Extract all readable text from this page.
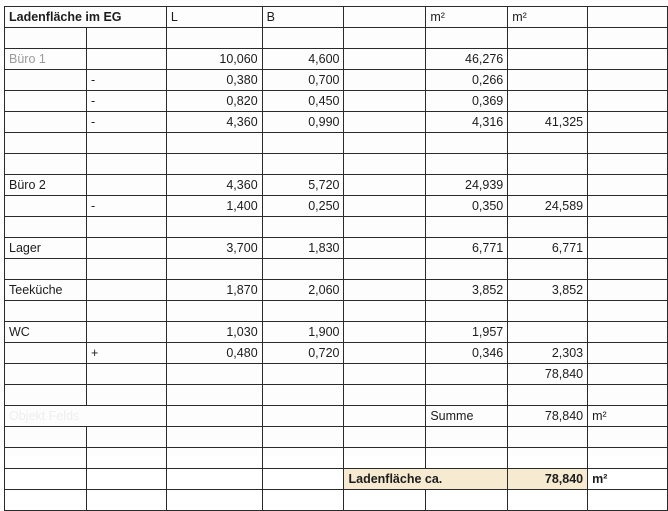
Ladenfläche im EG		L	B		m²	m²	

Büro 1		10,060	4,600		46,276		
	-	0,380	0,700		0,266		
	-	0,820	0,450		0,369		
	-	4,360	0,990		4,316	41,325	

Büro 2		4,360	5,720		24,939		
	-	1,400	0,250		0,350	24,589	

Lager		3,700	1,830		6,771	6,771	

Teeküche		1,870	2,060		3,852	3,852	

WC		1,030	1,900		1,957		
	+	0,480	0,720		0,346	2,303	
						78,840	

Objekt Felds					Summe	78,840	m²

				Ladenfläche ca.		78,840	m²
